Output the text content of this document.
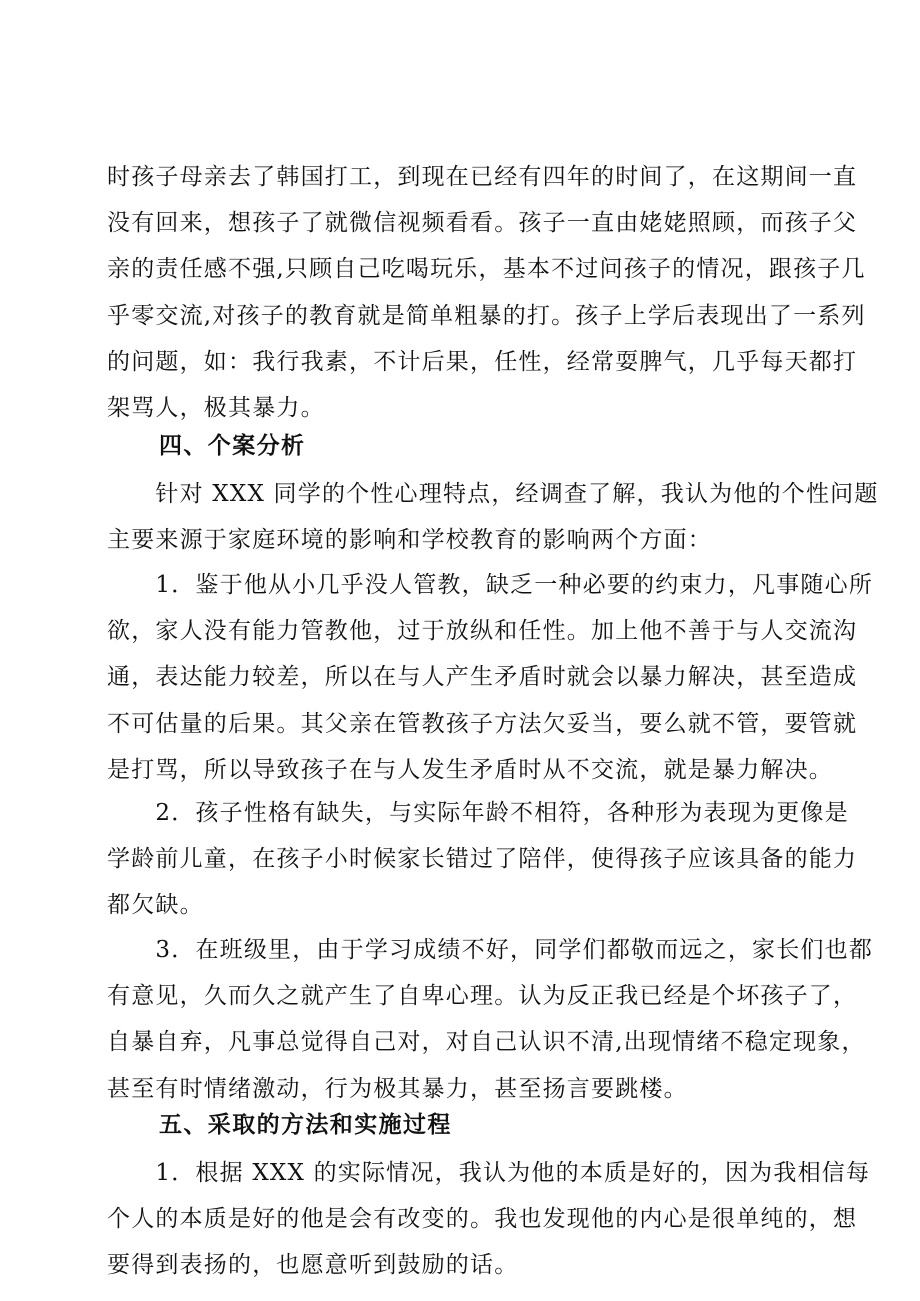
时孩子母亲去了韩国打工，到现在已经有四年的时间了，在这期间一直
没有回来，想孩子了就微信视频看看。孩子一直由姥姥照顾，而孩子父
亲的责任感不强,只顾自己吃喝玩乐，基本不过问孩子的情况，跟孩子几
乎零交流,对孩子的教育就是简单粗暴的打。孩子上学后表现出了一系列
的问题，如：我行我素，不计后果，任性，经常耍脾气，几乎每天都打
架骂人，极其暴力。
四、个案分析
　　针对 XXX 同学的个性心理特点，经调查了解，我认为他的个性问题
主要来源于家庭环境的影响和学校教育的影响两个方面：
　　1．鉴于他从小几乎没人管教，缺乏一种必要的约束力，凡事随心所
欲，家人没有能力管教他，过于放纵和任性。加上他不善于与人交流沟
通，表达能力较差，所以在与人产生矛盾时就会以暴力解决，甚至造成
不可估量的后果。其父亲在管教孩子方法欠妥当，要么就不管，要管就
是打骂，所以导致孩子在与人发生矛盾时从不交流，就是暴力解决。
　　2．孩子性格有缺失，与实际年龄不相符，各种形为表现为更像是
学龄前儿童，在孩子小时候家长错过了陪伴，使得孩子应该具备的能力
都欠缺。
　　3．在班级里，由于学习成绩不好，同学们都敬而远之，家长们也都
有意见，久而久之就产生了自卑心理。认为反正我已经是个坏孩子了，
自暴自弃，凡事总觉得自己对，对自己认识不清,出现情绪不稳定现象，
甚至有时情绪激动，行为极其暴力，甚至扬言要跳楼。
五、采取的方法和实施过程
　　1．根据 XXX 的实际情况，我认为他的本质是好的，因为我相信每
个人的本质是好的他是会有改变的。我也发现他的内心是很单纯的，想
要得到表扬的，也愿意听到鼓励的话。
